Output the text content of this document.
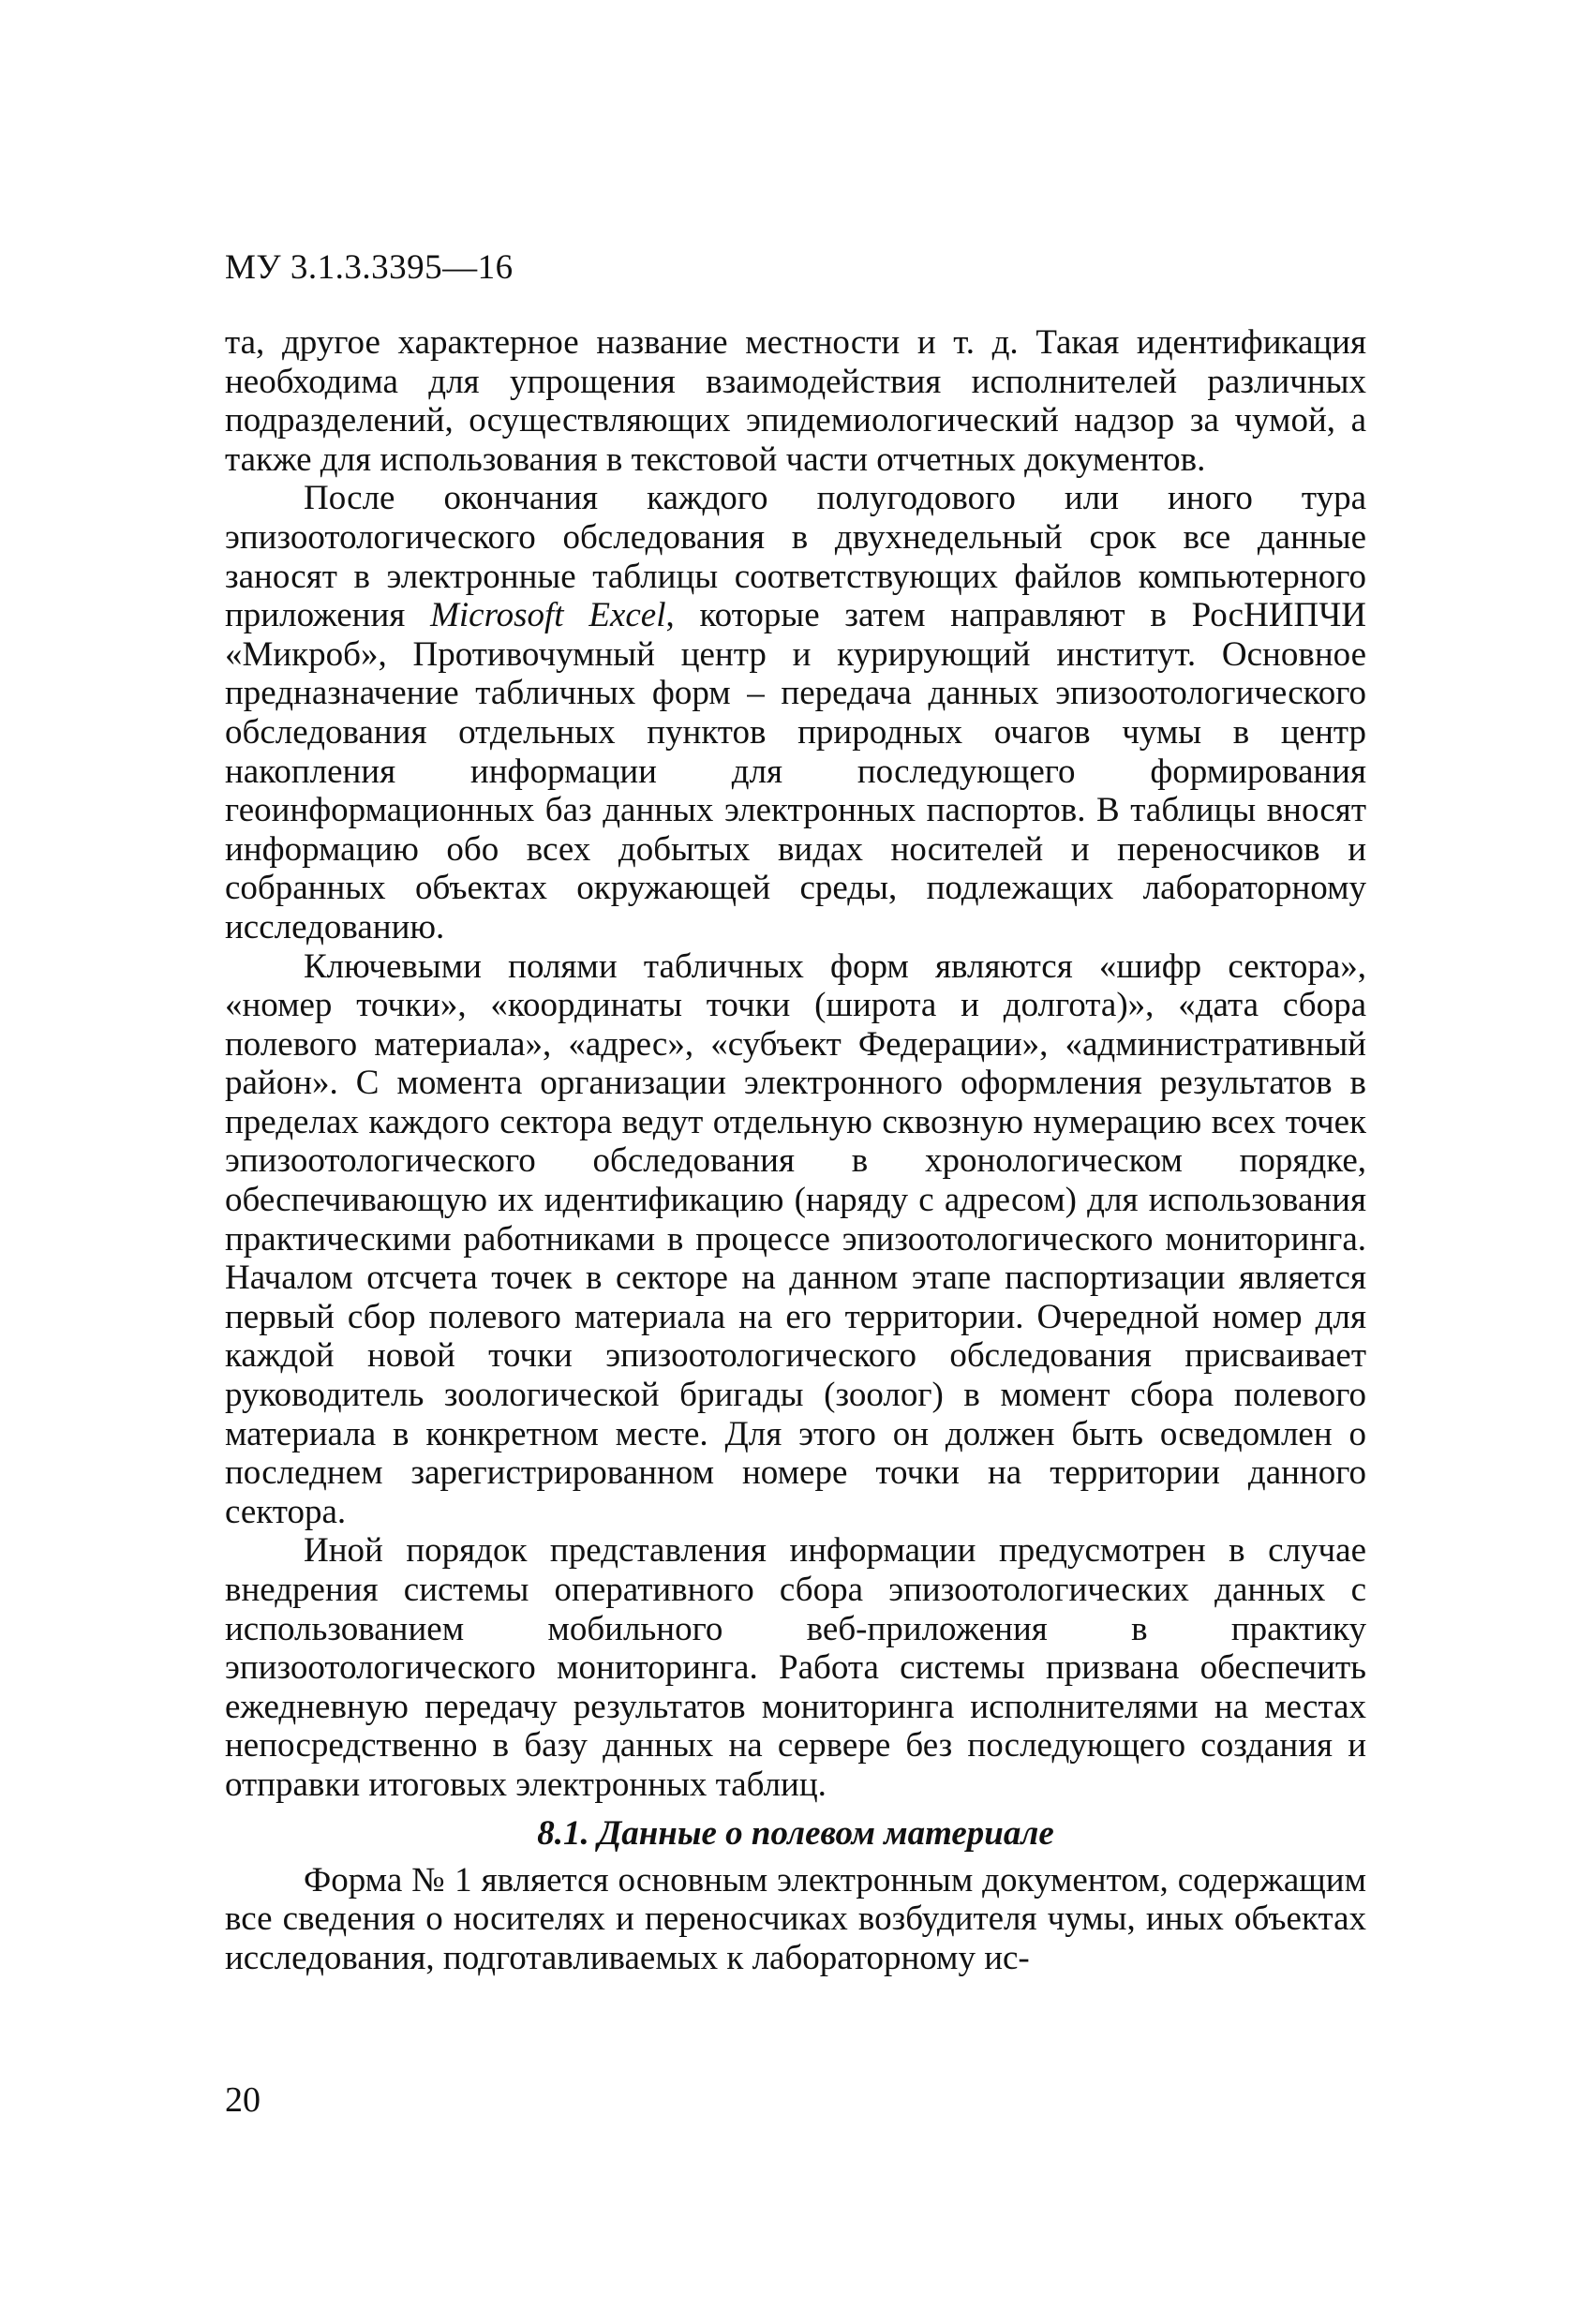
МУ 3.1.3.3395—16

та, другое характерное название местности и т. д. Такая идентификация необходима для упрощения взаимодействия исполнителей различных подразделений, осуществляющих эпидемиологический надзор за чумой, а также для использования в текстовой части отчетных документов.

После окончания каждого полугодового или иного тура эпизоотологического обследования в двухнедельный срок все данные заносят в электронные таблицы соответствующих файлов компьютерного приложения Microsoft Excel, которые затем направляют в РосНИПЧИ «Микроб», Противочумный центр и курирующий институт. Основное предназначение табличных форм – передача данных эпизоотологического обследования отдельных пунктов природных очагов чумы в центр накопления информации для последующего формирования геоинформационных баз данных электронных паспортов. В таблицы вносят информацию обо всех добытых видах носителей и переносчиков и собранных объектах окружающей среды, подлежащих лабораторному исследованию.

Ключевыми полями табличных форм являются «шифр сектора», «номер точки», «координаты точки (широта и долгота)», «дата сбора полевого материала», «адрес», «субъект Федерации», «административный район». С момента организации электронного оформления результатов в пределах каждого сектора ведут отдельную сквозную нумерацию всех точек эпизоотологического обследования в хронологическом порядке, обеспечивающую их идентификацию (наряду с адресом) для использования практическими работниками в процессе эпизоотологического мониторинга. Началом отсчета точек в секторе на данном этапе паспортизации является первый сбор полевого материала на его территории. Очередной номер для каждой новой точки эпизоотологического обследования присваивает руководитель зоологической бригады (зоолог) в момент сбора полевого материала в конкретном месте. Для этого он должен быть осведомлен о последнем зарегистрированном номере точки на территории данного сектора.

Иной порядок представления информации предусмотрен в случае внедрения системы оперативного сбора эпизоотологических данных с использованием мобильного веб-приложения в практику эпизоотологического мониторинга. Работа системы призвана обеспечить ежедневную передачу результатов мониторинга исполнителями на местах непосредственно в базу данных на сервере без последующего создания и отправки итоговых электронных таблиц.

8.1. Данные о полевом материале

Форма № 1 является основным электронным документом, содержащим все сведения о носителях и переносчиках возбудителя чумы, иных объектах исследования, подготавливаемых к лабораторному ис-

20
